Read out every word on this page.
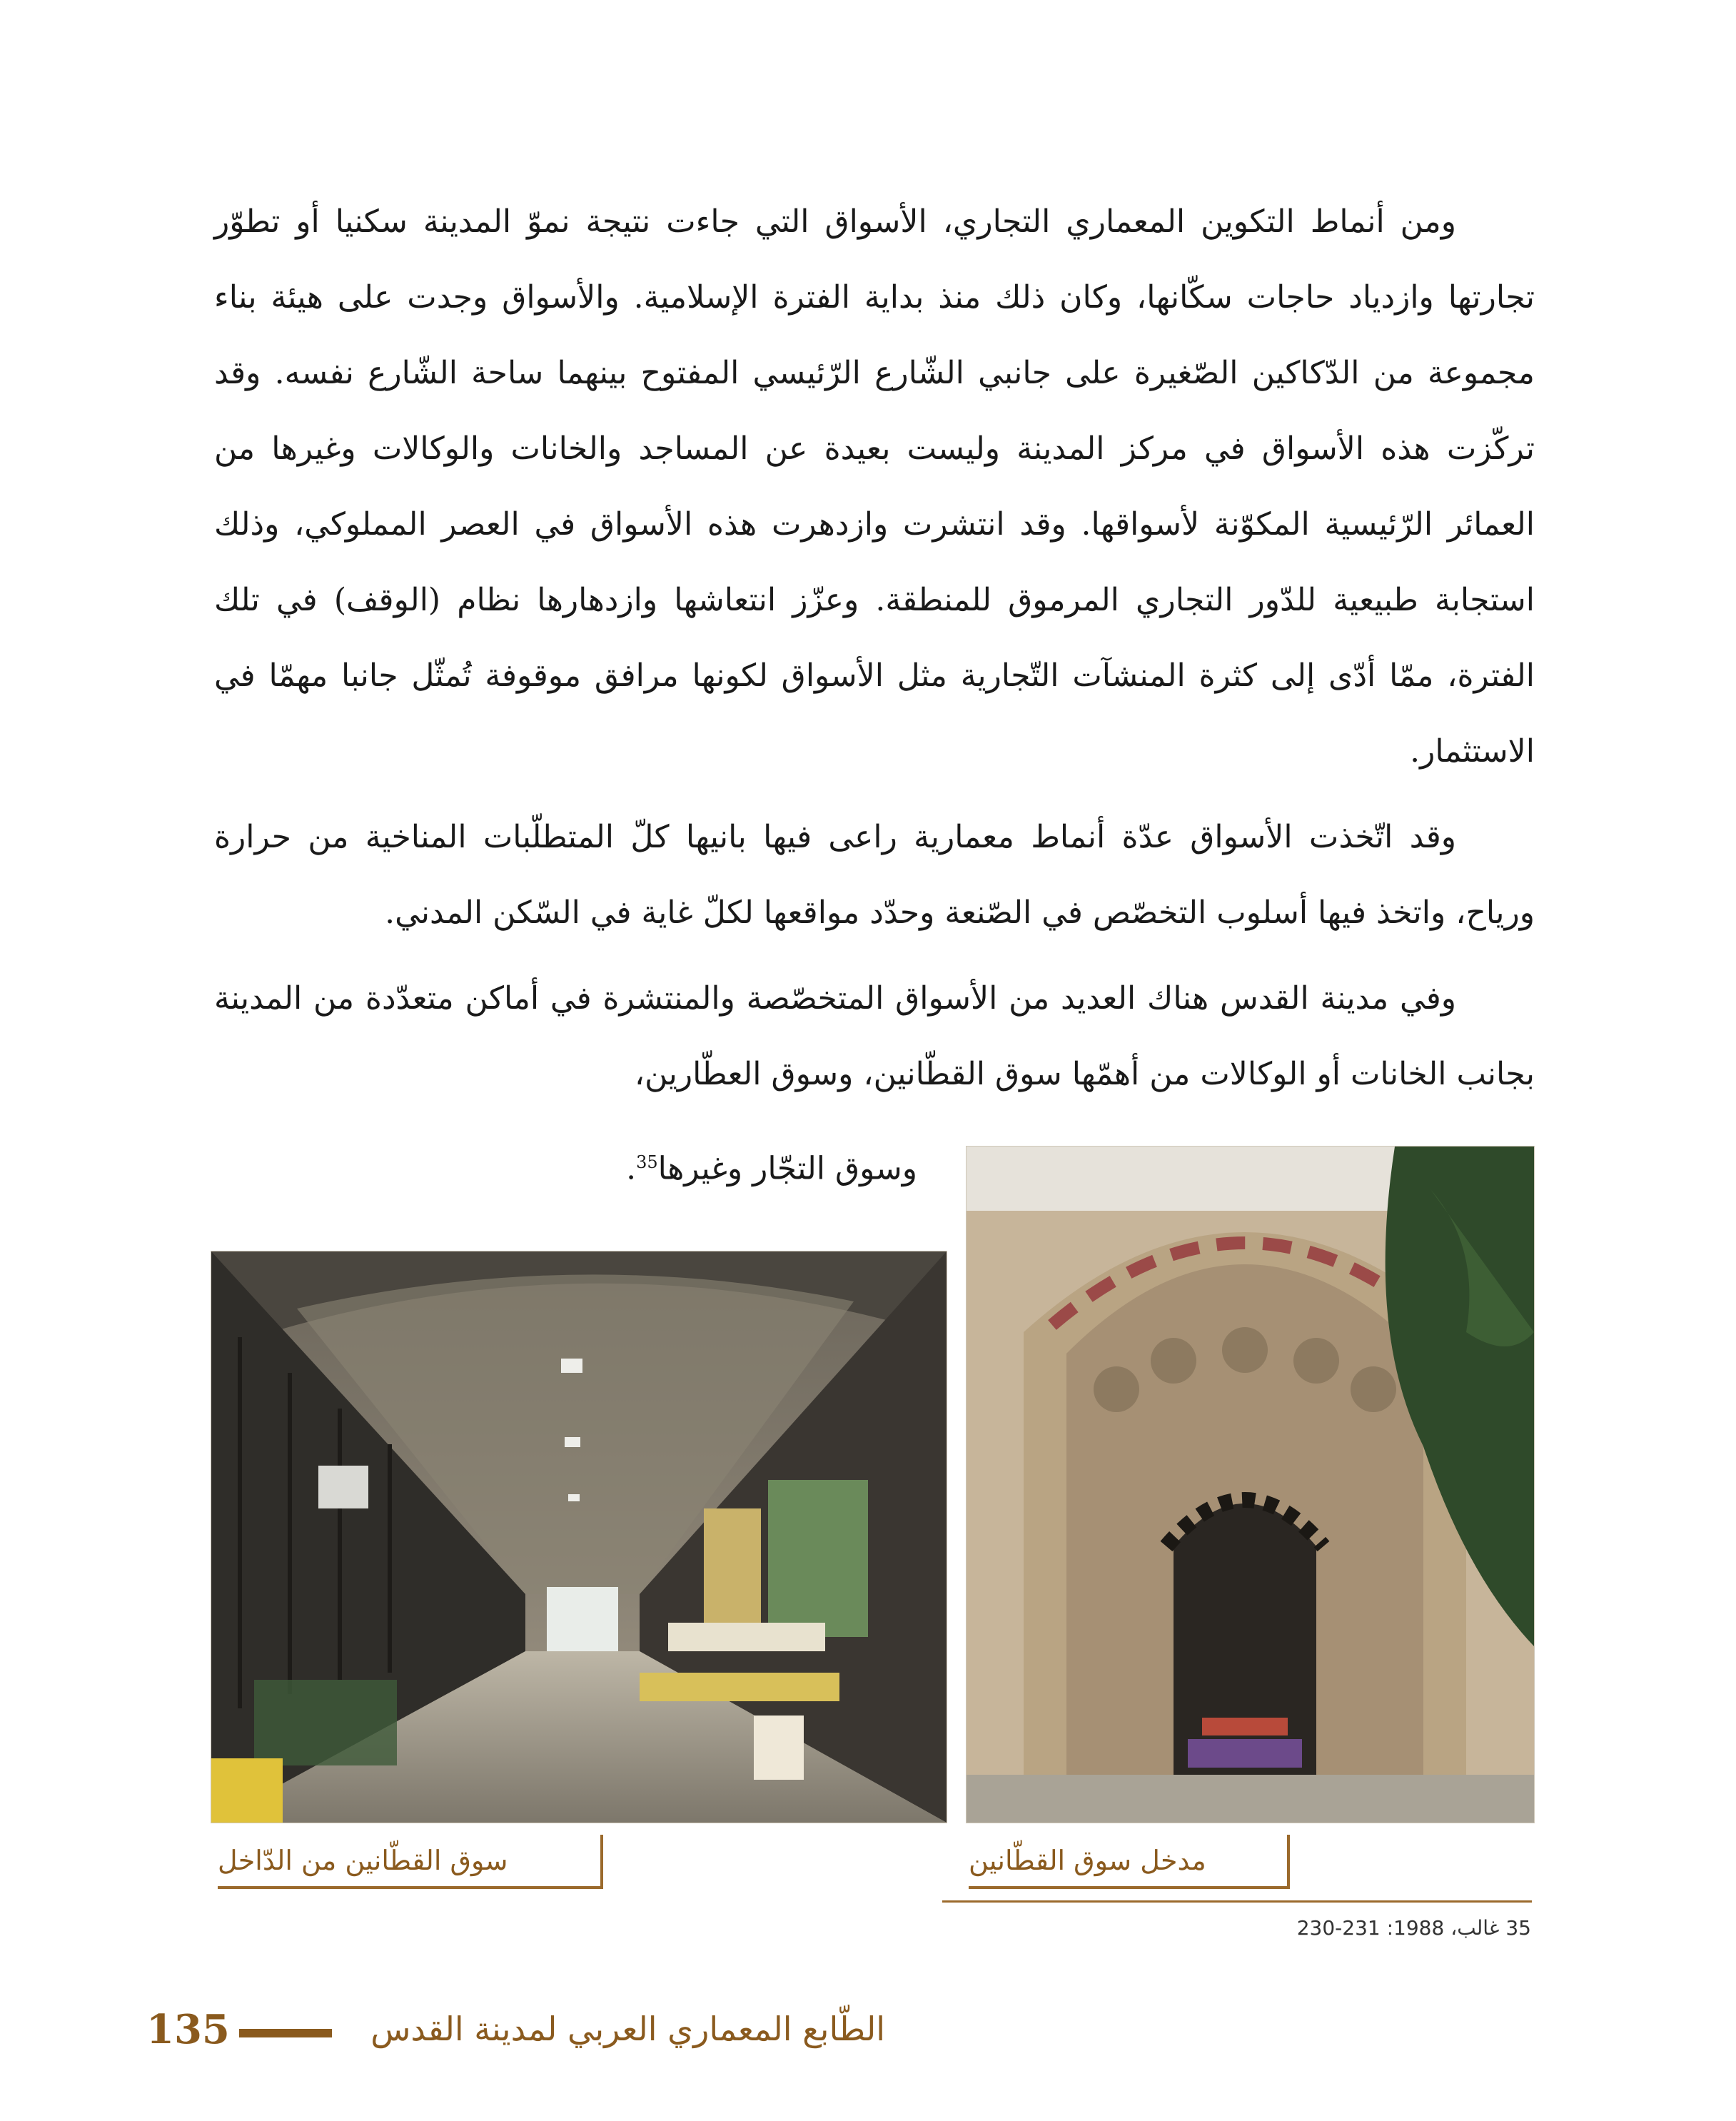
ومن أنماط التكوين المعماري التجاري، الأسواق التي جاءت نتيجة نموّ المدينة سكنيا أو تطوّر تجارتها وازدياد حاجات سكّانها، وكان ذلك منذ بداية الفترة الإسلامية. والأسواق وجدت على هيئة بناء مجموعة من الدّكاكين الصّغيرة على جانبي الشّارع الرّئيسي المفتوح بينهما ساحة الشّارع نفسه. وقد تركّزت هذه الأسواق في مركز المدينة وليست بعيدة عن المساجد والخانات والوكالات وغيرها من العمائر الرّئيسية المكوّنة لأسواقها. وقد انتشرت وازدهرت هذه الأسواق في العصر المملوكي، وذلك استجابة طبيعية للدّور التجاري المرموق للمنطقة. وعزّز انتعاشها وازدهارها نظام (الوقف) في تلك الفترة، ممّا أدّى إلى كثرة المنشآت التّجارية مثل الأسواق لكونها مرافق موقوفة تُمثّل جانبا مهمّا في الاستثمار.

وقد اتّخذت الأسواق عدّة أنماط معمارية راعى فيها بانيها كلّ المتطلّبات المناخية من حرارة ورياح، واتخذ فيها أسلوب التخصّص في الصّنعة وحدّد مواقعها لكلّ غاية في السّكن المدني.

وفي مدينة القدس هناك العديد من الأسواق المتخصّصة والمنتشرة في أماكن متعدّدة من المدينة بجانب الخانات أو الوكالات من أهمّها سوق القطّانين، وسوق العطّارين،

وسوق التجّار وغيرها$^{35}$.
سوق القطّانين من الدّاخل	مدخل سوق القطّانين
35 غالب، 1988: 231-230
الطّابع المعماري العربي لمدينة القدس
135
